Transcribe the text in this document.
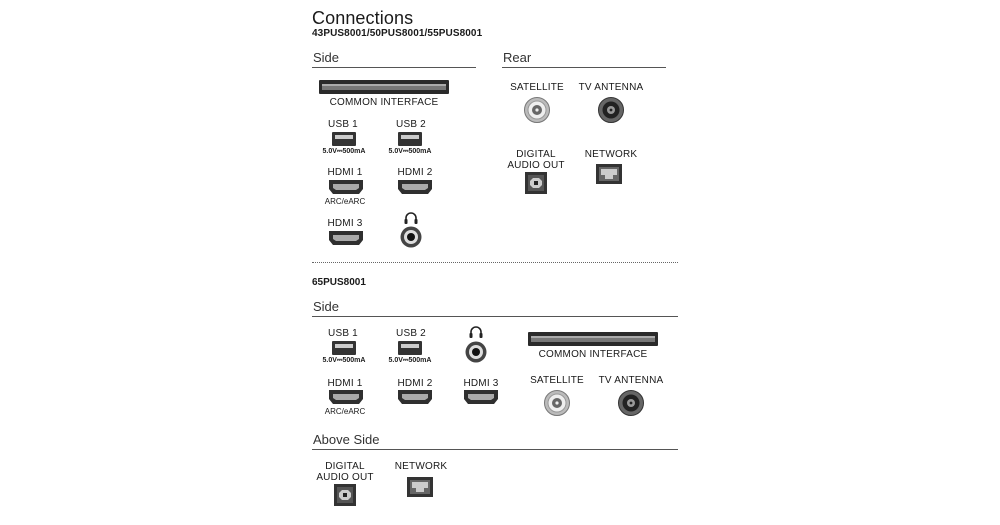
Connections
43PUS8001/50PUS8001/55PUS8001
Side	Rear
COMMON INTERFACE
USB 1
5.0V⎓500mA
USB 2
5.0V⎓500mA
HDMI 1
ARC/eARC
HDMI 2
HDMI 3
SATELLITE	TV ANTENNA
DIGITAL AUDIO OUT
NETWORK
65PUS8001
Side
USB 1
5.0V⎓500mA
USB 2
5.0V⎓500mA
COMMON INTERFACE
HDMI 1
ARC/eARC
HDMI 2	HDMI 3	SATELLITE	TV ANTENNA
Above Side
DIGITAL AUDIO OUT
NETWORK
